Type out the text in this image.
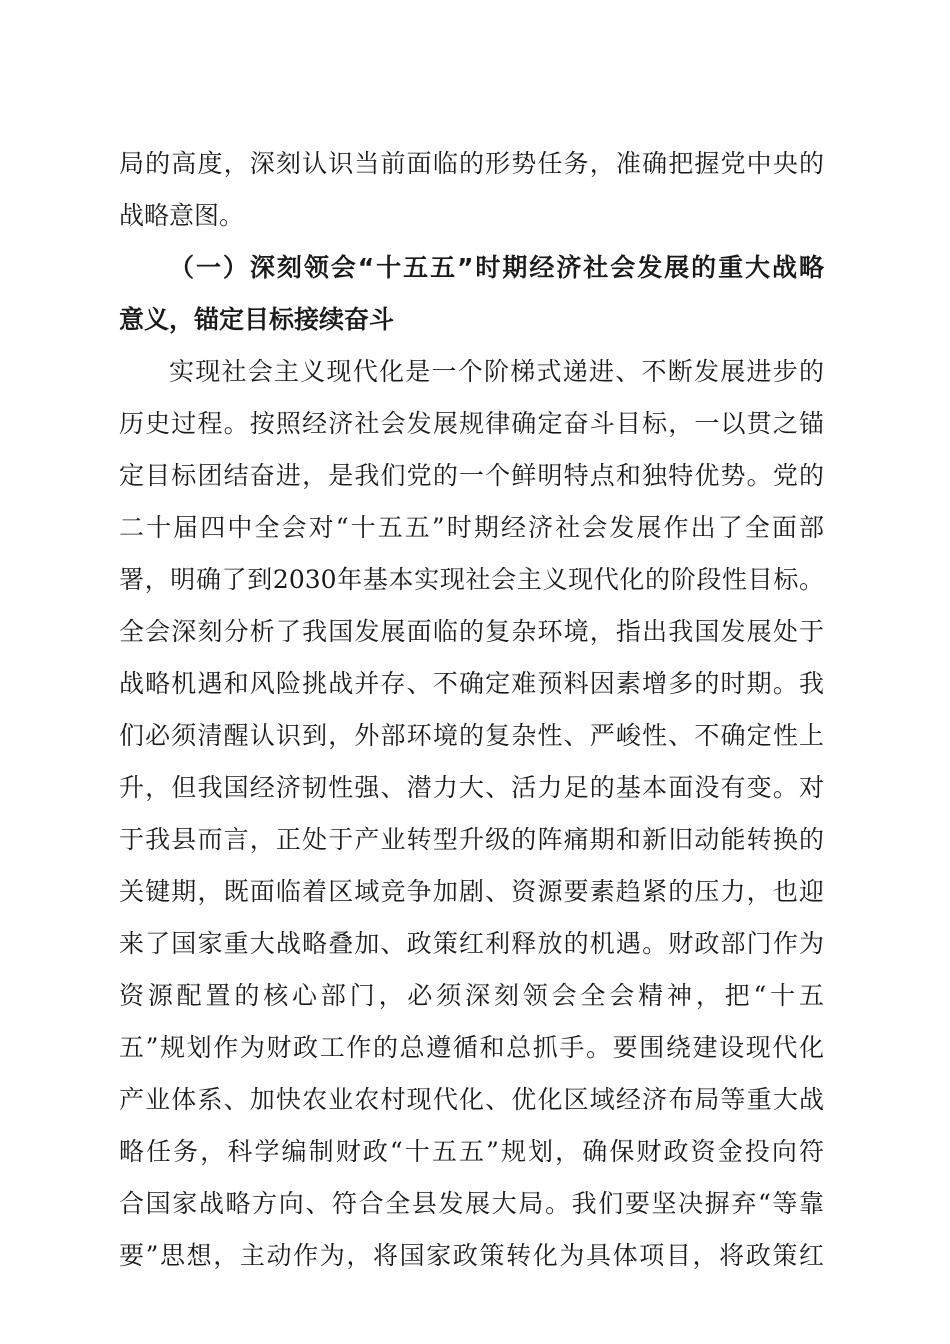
局的高度，深刻认识当前面临的形势任务，准确把握党中央的
战略意图。
（一）深刻领会“十五五”时期经济社会发展的重大战略
意义，锚定目标接续奋斗
实现社会主义现代化是一个阶梯式递进、不断发展进步的
历史过程。按照经济社会发展规律确定奋斗目标，一以贯之锚
定目标团结奋进，是我们党的一个鲜明特点和独特优势。党的
二十届四中全会对“十五五”时期经济社会发展作出了全面部
署，明确了到2030年基本实现社会主义现代化的阶段性目标。
全会深刻分析了我国发展面临的复杂环境，指出我国发展处于
战略机遇和风险挑战并存、不确定难预料因素增多的时期。我
们必须清醒认识到，外部环境的复杂性、严峻性、不确定性上
升，但我国经济韧性强、潜力大、活力足的基本面没有变。对
于我县而言，正处于产业转型升级的阵痛期和新旧动能转换的
关键期，既面临着区域竞争加剧、资源要素趋紧的压力，也迎
来了国家重大战略叠加、政策红利释放的机遇。财政部门作为
资源配置的核心部门，必须深刻领会全会精神，把“十五
五”规划作为财政工作的总遵循和总抓手。要围绕建设现代化
产业体系、加快农业农村现代化、优化区域经济布局等重大战
略任务，科学编制财政“十五五”规划，确保财政资金投向符
合国家战略方向、符合全县发展大局。我们要坚决摒弃“等靠
要”思想，主动作为，将国家政策转化为具体项目，将政策红
